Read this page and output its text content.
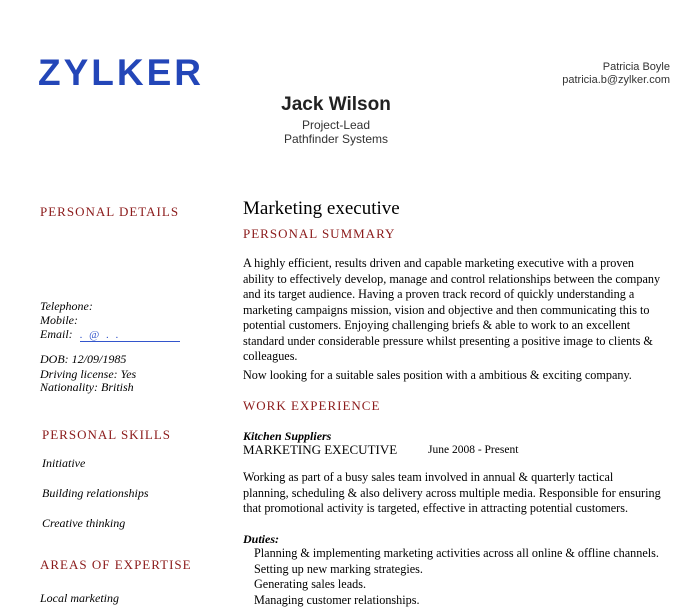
ZYLKER	Patricia Boyle
patricia.b@zylker.com
Jack Wilson
Project-Lead
Pathfinder Systems
PERSONAL DETAILS
Telephone:
Mobile:
Email: . @ . .
DOB: 12/09/1985
Driving license: Yes
Nationality: British
PERSONAL SKILLS
Initiative
Building relationships
Creative thinking
AREAS OF EXPERTISE
Local marketing
Marketing executive
PERSONAL SUMMARY
A highly efficient, results driven and capable marketing executive with a proven
ability to effectively develop, manage and control relationships between the company
and its target audience. Having a proven track record of quickly understanding a
marketing campaigns mission, vision and objective and then communicating this to
potential customers. Enjoying challenging briefs & able to work to an excellent
standard under considerable pressure whilst presenting a positive image to clients &
colleagues.
Now looking for a suitable sales position with a ambitious & exciting company.
WORK EXPERIENCE
Kitchen Suppliers
MARKETING EXECUTIVE	June 2008 - Present
Working as part of a busy sales team involved in annual & quarterly tactical
planning, scheduling & also delivery across multiple media. Responsible for ensuring
that promotional activity is targeted, effective in attracting potential customers.
Duties:
Planning & implementing marketing activities across all online & offline channels.
Setting up new marking strategies.
Generating sales leads.
Managing customer relationships.
